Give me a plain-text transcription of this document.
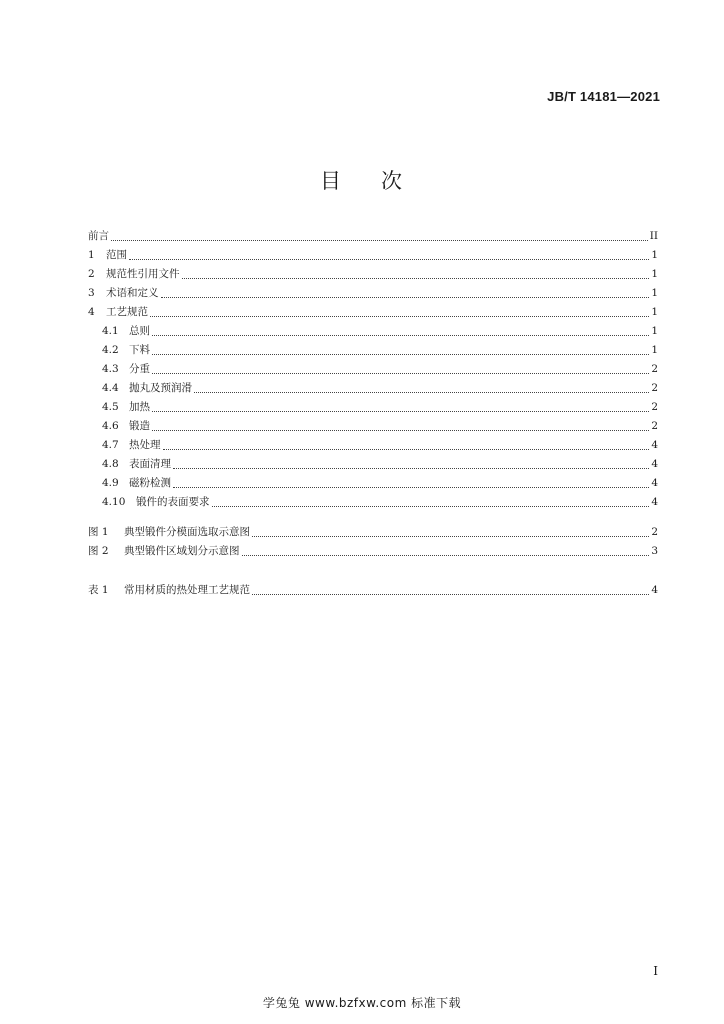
JB/T 14181—2021
目 次
前言	II
1	范围	1
2	规范性引用文件	1
3	术语和定义	1
4	工艺规范	1
4.1 总则	1
4.2 下料	1
4.3 分重	2
4.4 抛丸及预润滑	2
4.5 加热	2
4.6 锻造	2
4.7 热处理	4
4.8 表面清理	4
4.9 磁粉检测	4
4.10	锻件的表面要求	4
图 1	典型锻件分模面选取示意图	2
图 2	典型锻件区域划分示意图	3
表 1	常用材质的热处理工艺规范	4
I
学兔兔 www.bzfxw.com 标准下载
